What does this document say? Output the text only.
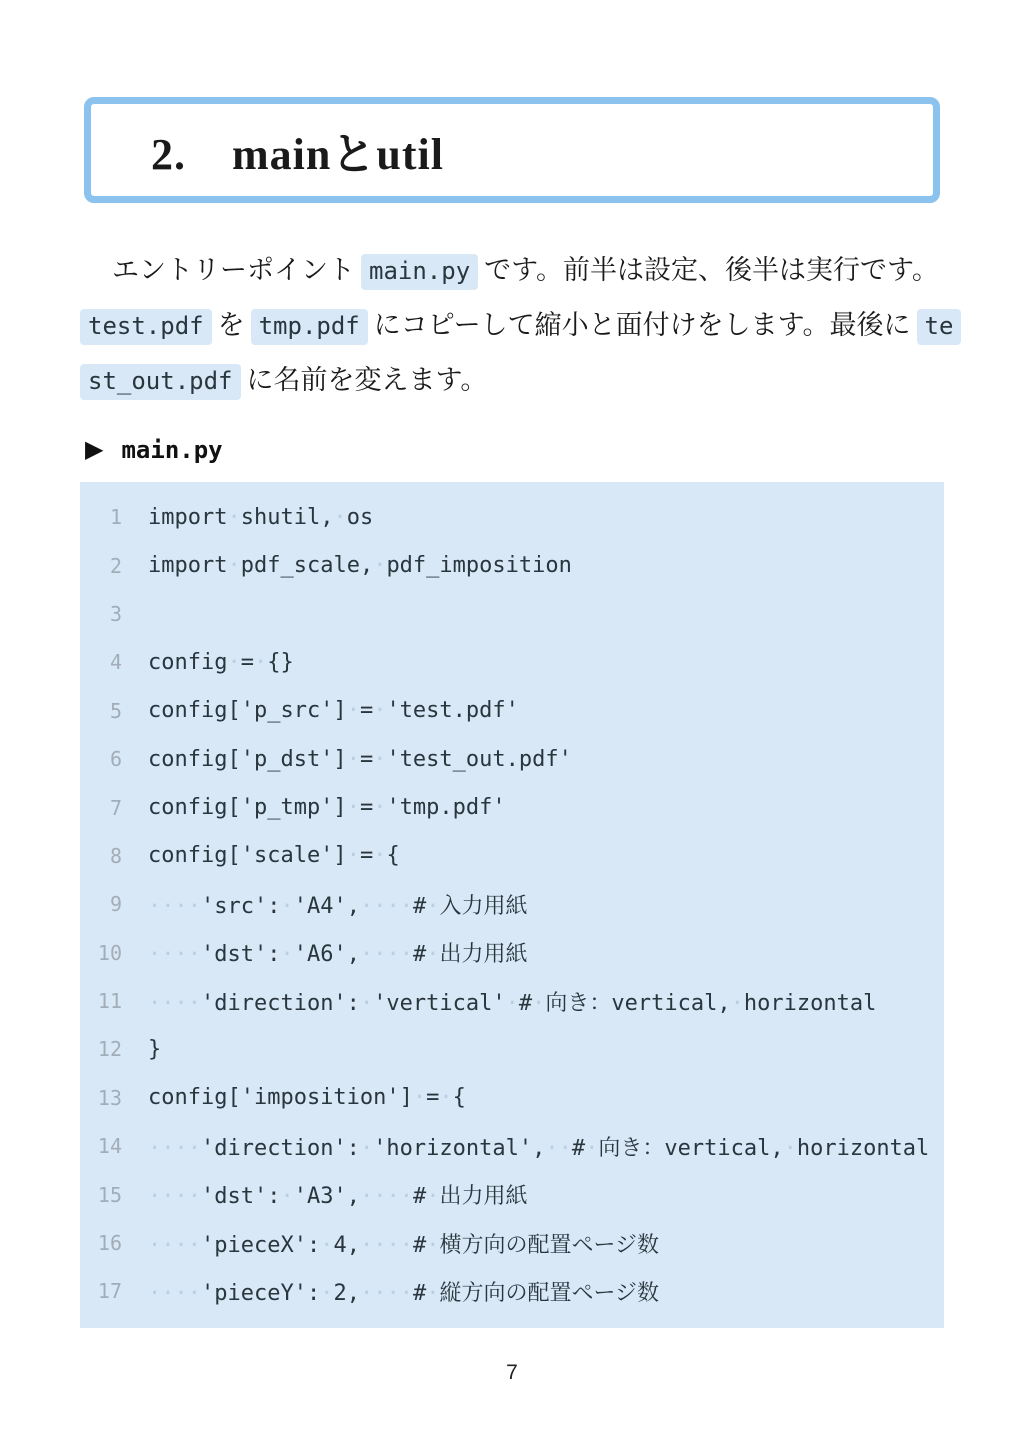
2. mainとutil
エントリーポイント main.py です。前半は設定、後半は実行です。
test.pdf を tmp.pdf にコピーして縮小と面付けをします。最後に te
st_out.pdf に名前を変えます。
▶ main.py
1 import·shutil,·os
2 import·pdf_scale,·pdf_imposition
3
4 config·=·{}
5 config['p_src']·=·'test.pdf'
6 config['p_dst']·=·'test_out.pdf'
7 config['p_tmp']·=·'tmp.pdf'
8 config['scale']·=·{
9 ····'src':·'A4',····#·入力用紙
10 ····'dst':·'A6',····#·出力用紙
11 ····'direction':·'vertical'·#·向き：vertical,·horizontal
12 }
13 config['imposition']·=·{
14 ····'direction':·'horizontal',··#·向き：vertical,·horizontal
15 ····'dst':·'A3',····#·出力用紙
16 ····'pieceX':·4,····#·横方向の配置ページ数
17 ····'pieceY':·2,····#·縦方向の配置ページ数
7
